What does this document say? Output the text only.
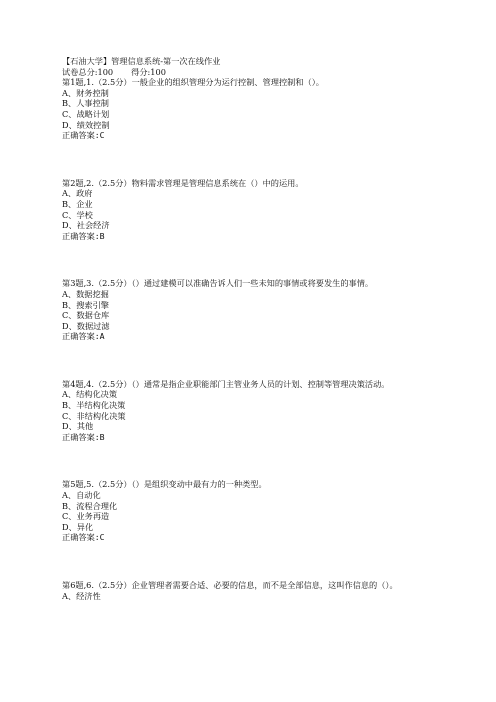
【石油大学】管理信息系统-第一次在线作业
试卷总分:100 得分:100
第1题,1.（2.5分）一般企业的组织管理分为运行控制、管理控制和（）。
A、财务控制
B、人事控制
C、战略计划
D、绩效控制
正确答案:C
第2题,2.（2.5分）物料需求管理是管理信息系统在（）中的运用。
A、政府
B、企业
C、学校
D、社会经济
正确答案:B
第3题,3.（2.5分）（）通过建模可以准确告诉人们一些未知的事情或将要发生的事情。
A、数据挖掘
B、搜索引擎
C、数据仓库
D、数据过滤
正确答案:A
第4题,4.（2.5分）（）通常是指企业职能部门主管业务人员的计划、控制等管理决策活动。
A、结构化决策
B、半结构化决策
C、非结构化决策
D、其他
正确答案:B
第5题,5.（2.5分）（）是组织变动中最有力的一种类型。
A、自动化
B、流程合理化
C、业务再造
D、异化
正确答案:C
第6题,6.（2.5分）企业管理者需要合适、必要的信息，而不是全部信息，这叫作信息的（）。
A、经济性
